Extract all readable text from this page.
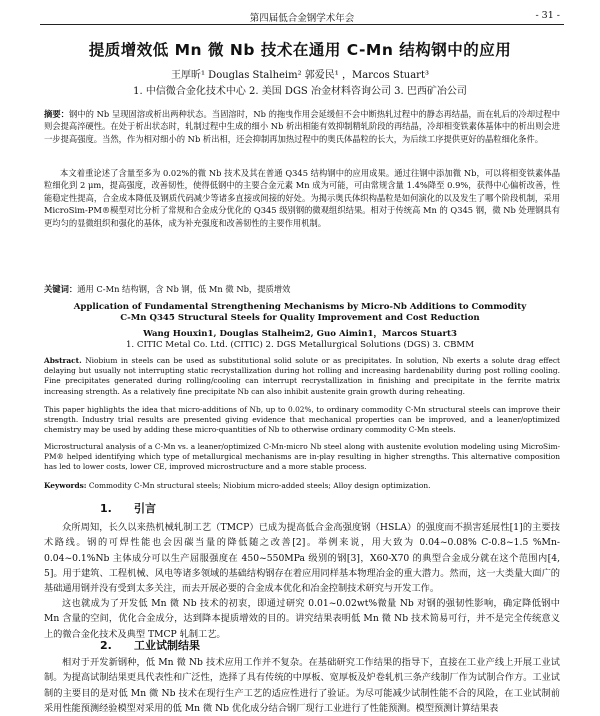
第四届低合金钢学术年会	- 31 -
提质增效低 Mn 微 Nb 技术在通用 C-Mn 结构钢中的应用
王厚昕¹ Douglas Stalheim² 郭爱民¹ ，Marcos Stuart³
1. 中信微合金化技术中心 2. 美国 DGS 冶金材料咨询公司 3. 巴西矿冶公司

摘要：钢中的 Nb 呈现固溶或析出两种状态。当固溶时，Nb 的拖曳作用会延缓但不会中断热轧过程中的静态再结晶，而在轧后的冷却过程中则会提高淬硬性。在处于析出状态时，轧制过程中生成的细小 Nb 析出相能有效抑制精轧阶段的再结晶，冷却相变铁素体基体中的析出则会进一步提高强度。当然，作为相对细小的 Nb 析出相，还会抑制再加热过程中的奥氏体晶粒的长大，为后续工序提供更好的晶粒细化条件。

本文着重论述了含量至多为 0.02%的微 Nb 技术及其在普通 Q345 结构钢中的应用成果。通过往钢中添加微 Nb，可以将相变铁素体晶粒细化到 2 μm，提高强度，改善韧性，使得低钢中的主要合金元素 Mn 成为可能，可由常规含量 1.4%降至 0.9%，获得中心偏析改善，性能稳定性提高，合金成本降低及钢质代码减少等诸多直接或间接的好处。为揭示奥氏体织构晶粒是如何演化的以及发生了哪个阶段机制，采用 MicroSim-PM®模型对比分析了常规和合金成分优化的 Q345 级别钢的微观组织结果。相对于传统高 Mn 的 Q345 钢，微 Nb 处理钢具有更均匀的显微组织和强化的基体，成为补充强度和改善韧性的主要作用机制。

关键词：通用 C-Mn 结构钢，含 Nb 钢，低 Mn 微 Nb，提质增效

Application of Fundamental Strengthening Mechanisms by Micro-Nb Additions to Commodity C-Mn Q345 Structural Steels for Quality Improvement and Cost Reduction
Wang Houxin1, Douglas Stalheim2, Guo Aimin1，Marcos Stuart3
1. CITIC Metal Co. Ltd. (CITIC) 2. DGS Metallurgical Solutions (DGS) 3. CBMM

Abstract. Niobium in steels can be used as substitutional solid solute or as precipitates. In solution, Nb exerts a solute drag effect delaying but usually not interrupting static recrystallization during hot rolling and increasing hardenability during post rolling cooling. Fine precipitates generated during rolling/cooling can interrupt recrystallization in finishing and precipitate in the ferrite matrix increasing strength. As a relatively fine precipitate Nb can also inhibit austenite grain growth during reheating.

This paper highlights the idea that micro-additions of Nb, up to 0.02%, to ordinary commodity C-Mn structural steels can improve their strength. Industry trial results are presented giving evidence that mechanical properties can be improved, and a leaner/optimized chemistry may be used by adding these micro-quantities of Nb to otherwise ordinary commodity C-Mn steels.

Microstructural analysis of a C-Mn vs. a leaner/optimized C-Mn-micro Nb steel along with austenite evolution modeling using MicroSim-PM® helped identifying which type of metallurgical mechanisms are in-play resulting in higher strengths. This alternative composition has led to lower costs, lower CE, improved microstructure and a more stable process.

Keywords: Commodity C-Mn structural steels; Niobium micro-added steels; Alloy design optimization.

1. 引言

众所周知，长久以来热机械轧制工艺（TMCP）已成为提高低合金高强度钢（HSLA）的强度而不损害延展性[1]的主要技术路线。钢的可焊性能也会因碳当量的降低随之改善[2]。举例来说，用大致为 0.04~0.08% C-0.8~1.5 %Mn-0.04~0.1%Nb 主体成分可以生产屈服强度在 450~550MPa 级别的钢[3]，X60-X70 的典型合金成分就在这个范围内[4, 5]。用于建筑、工程机械、风电等诸多领域的基础结构钢存在着应用同样基本物理冶金的重大潜力。然而，这一大类量大面广的基础通用钢并没有受到太多关注，而去开展必要的合金成本优化和冶金控制技术研究与开发工作。

这也就成为了开发低 Mn 微 Nb 技术的初衷，即通过研究 0.01~0.02wt%微量 Nb 对钢的强韧性影响，确定降低钢中 Mn 含量的空间，优化合金成分，达到降本提质增效的目的。讲究结果表明低 Mn 微 Nb 技术简易可行，并不是完全传统意义上的微合金化技术及典型 TMCP 轧制工艺。

2. 工业试制结果

相对于开发新钢种，低 Mn 微 Nb 技术应用工作并不复杂。在基础研究工作结果的指导下，直接在工业产线上开展工业试制。为提高试制结果更具代表性和广泛性，选择了具有传统的中厚板、宽厚板及炉卷轧机三条产线制厂作为试制合作方。工业试制的主要目的是对低 Mn 微 Nb 技术在现行生产工艺的适应性进行了验证。为尽可能减少试制性能不合的风险，在工业试制前采用性能预测经验模型对采用的低 Mn 微 Nb 优化成分结合钢厂现行工业进行了性能预测。模型预测计算结果表
